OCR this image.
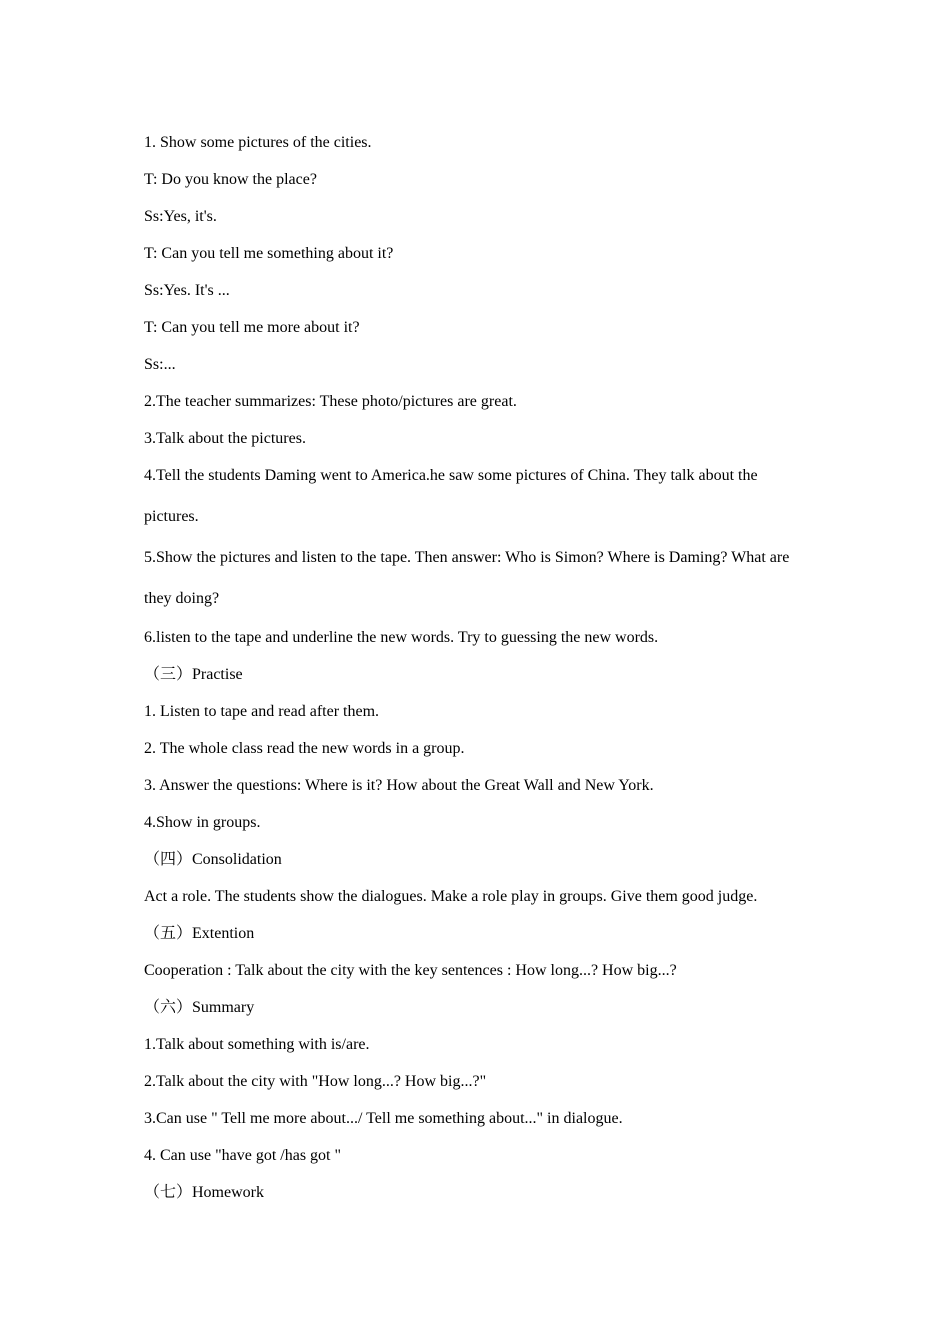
1. Show some pictures of the cities.

T: Do you know the place?

Ss:Yes, it's.

T: Can you tell me something about it?

Ss:Yes. It's ...

T: Can you tell me more about it?

Ss:...

2.The teacher summarizes: These photo/pictures are great.

3.Talk about the pictures.

4.Tell the students Daming went to America.he saw some pictures of China. They talk about the pictures.

5.Show the pictures and listen to the tape. Then answer: Who is Simon? Where is Daming? What are they doing?

6.listen to the tape and underline the new words. Try to guessing the new words.

（三）Practise

1. Listen to tape and read after them.

2. The whole class read the new words in a group.

3. Answer the questions: Where is it? How about the Great Wall and New York.

4.Show in groups.

（四）Consolidation

Act a role. The students show the dialogues. Make a role play in groups. Give them good judge.

（五）Extention

Cooperation : Talk about the city with the key sentences : How long...? How big...?

（六）Summary

1.Talk about something with is/are.

2.Talk about the city with "How long...? How big...?"

3.Can use " Tell me more about.../ Tell me something about..." in dialogue.

4. Can use "have got /has got "

（七）Homework
